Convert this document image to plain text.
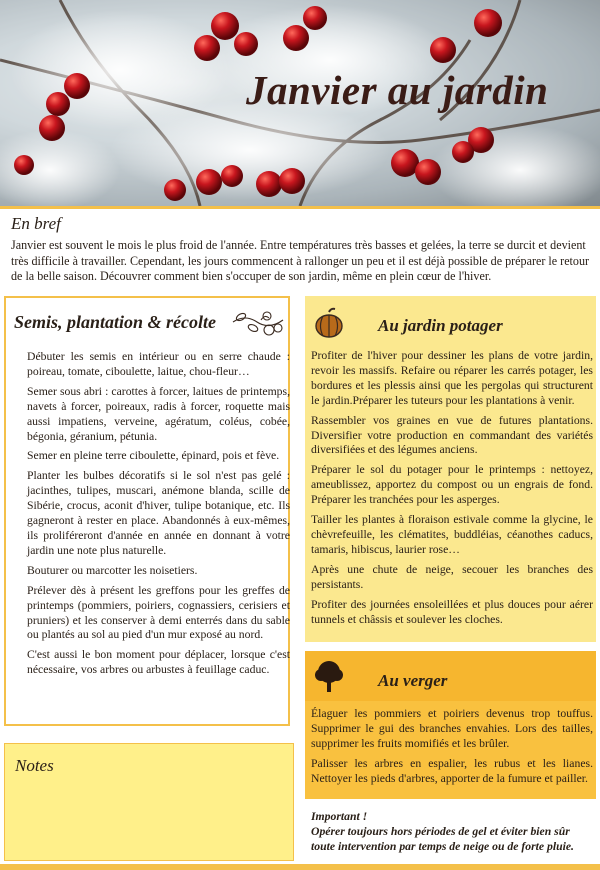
Janvier au jardin
En bref
Janvier est souvent le mois le plus froid de l'année. Entre températures très basses et gelées, la terre se durcit et devient
très difficile à travailler. Cependant, les jours commencent à rallonger un peu et il est déjà possible de préparer le retour
de la belle saison. Découvrer comment bien s'occuper de son jardin, même en plein cœur de l'hiver.
Semis, plantation & récolte

Débuter les semis en intérieur ou en serre chaude : poireau, tomate, ciboulette, laitue, chou-fleur…

Semer sous abri : carottes à forcer, laitues de printemps, navets à forcer, poireaux, radis à forcer, roquette mais aussi impatiens, verveine, agératum, coléus, cobée, bégonia, géranium, pétunia.

Semer en pleine terre ciboulette, épinard, pois et fève.

Planter les bulbes décoratifs si le sol n'est pas gelé : jacinthes, tulipes, muscari, anémone blanda, scille de Sibérie, crocus, aconit d'hiver, tulipe botanique, etc. Ils gagneront à rester en place. Abandonnés à eux-mêmes, ils proliféreront d'année en année en donnant à votre jardin une note plus naturelle.

Bouturer ou marcotter les noisetiers.

Prélever dès à présent les greffons pour les greffes de printemps (pommiers, poiriers, cognassiers, cerisiers et pruniers) et les conserver à demi enterrés dans du sable ou plantés au sol au pied d'un mur exposé au nord.

C'est aussi le bon moment pour déplacer, lorsque c'est nécessaire, vos arbres ou arbustes à feuillage caduc.

Notes
Au jardin potager

Profiter de l'hiver pour dessiner les plans de votre jardin, revoir les massifs. Refaire ou réparer les carrés potager, les bordures et les plessis ainsi que les pergolas qui structurent le jardin.Préparer les tuteurs pour les plantations à venir.

Rassembler vos graines en vue de futures plantations. Diversifier votre production en commandant des variétés diversifiées et des légumes anciens.

Préparer le sol du potager pour le printemps : nettoyez, ameublissez, apportez du compost ou un engrais de fond. Préparer les tranchées pour les asperges.

Tailler les plantes à floraison estivale comme la glycine, le chèvrefeuille, les clématites, buddléias, céanothes caducs, tamaris, hibiscus, laurier rose…

Après une chute de neige, secouer les branches des persistants.

Profiter des journées ensoleillées et plus douces pour aérer tunnels et châssis et soulever les cloches.

Au verger

Élaguer les pommiers et poiriers devenus trop touffus. Supprimer le gui des branches envahies. Lors des tailles, supprimer les fruits momifiés et les brûler.

Palisser les arbres en espalier, les rubus et les lianes. Nettoyer les pieds d'arbres, apporter de la fumure et pailler.

Important !
Opérer toujours hors périodes de gel et éviter bien sûr toute intervention par temps de neige ou de forte pluie.
